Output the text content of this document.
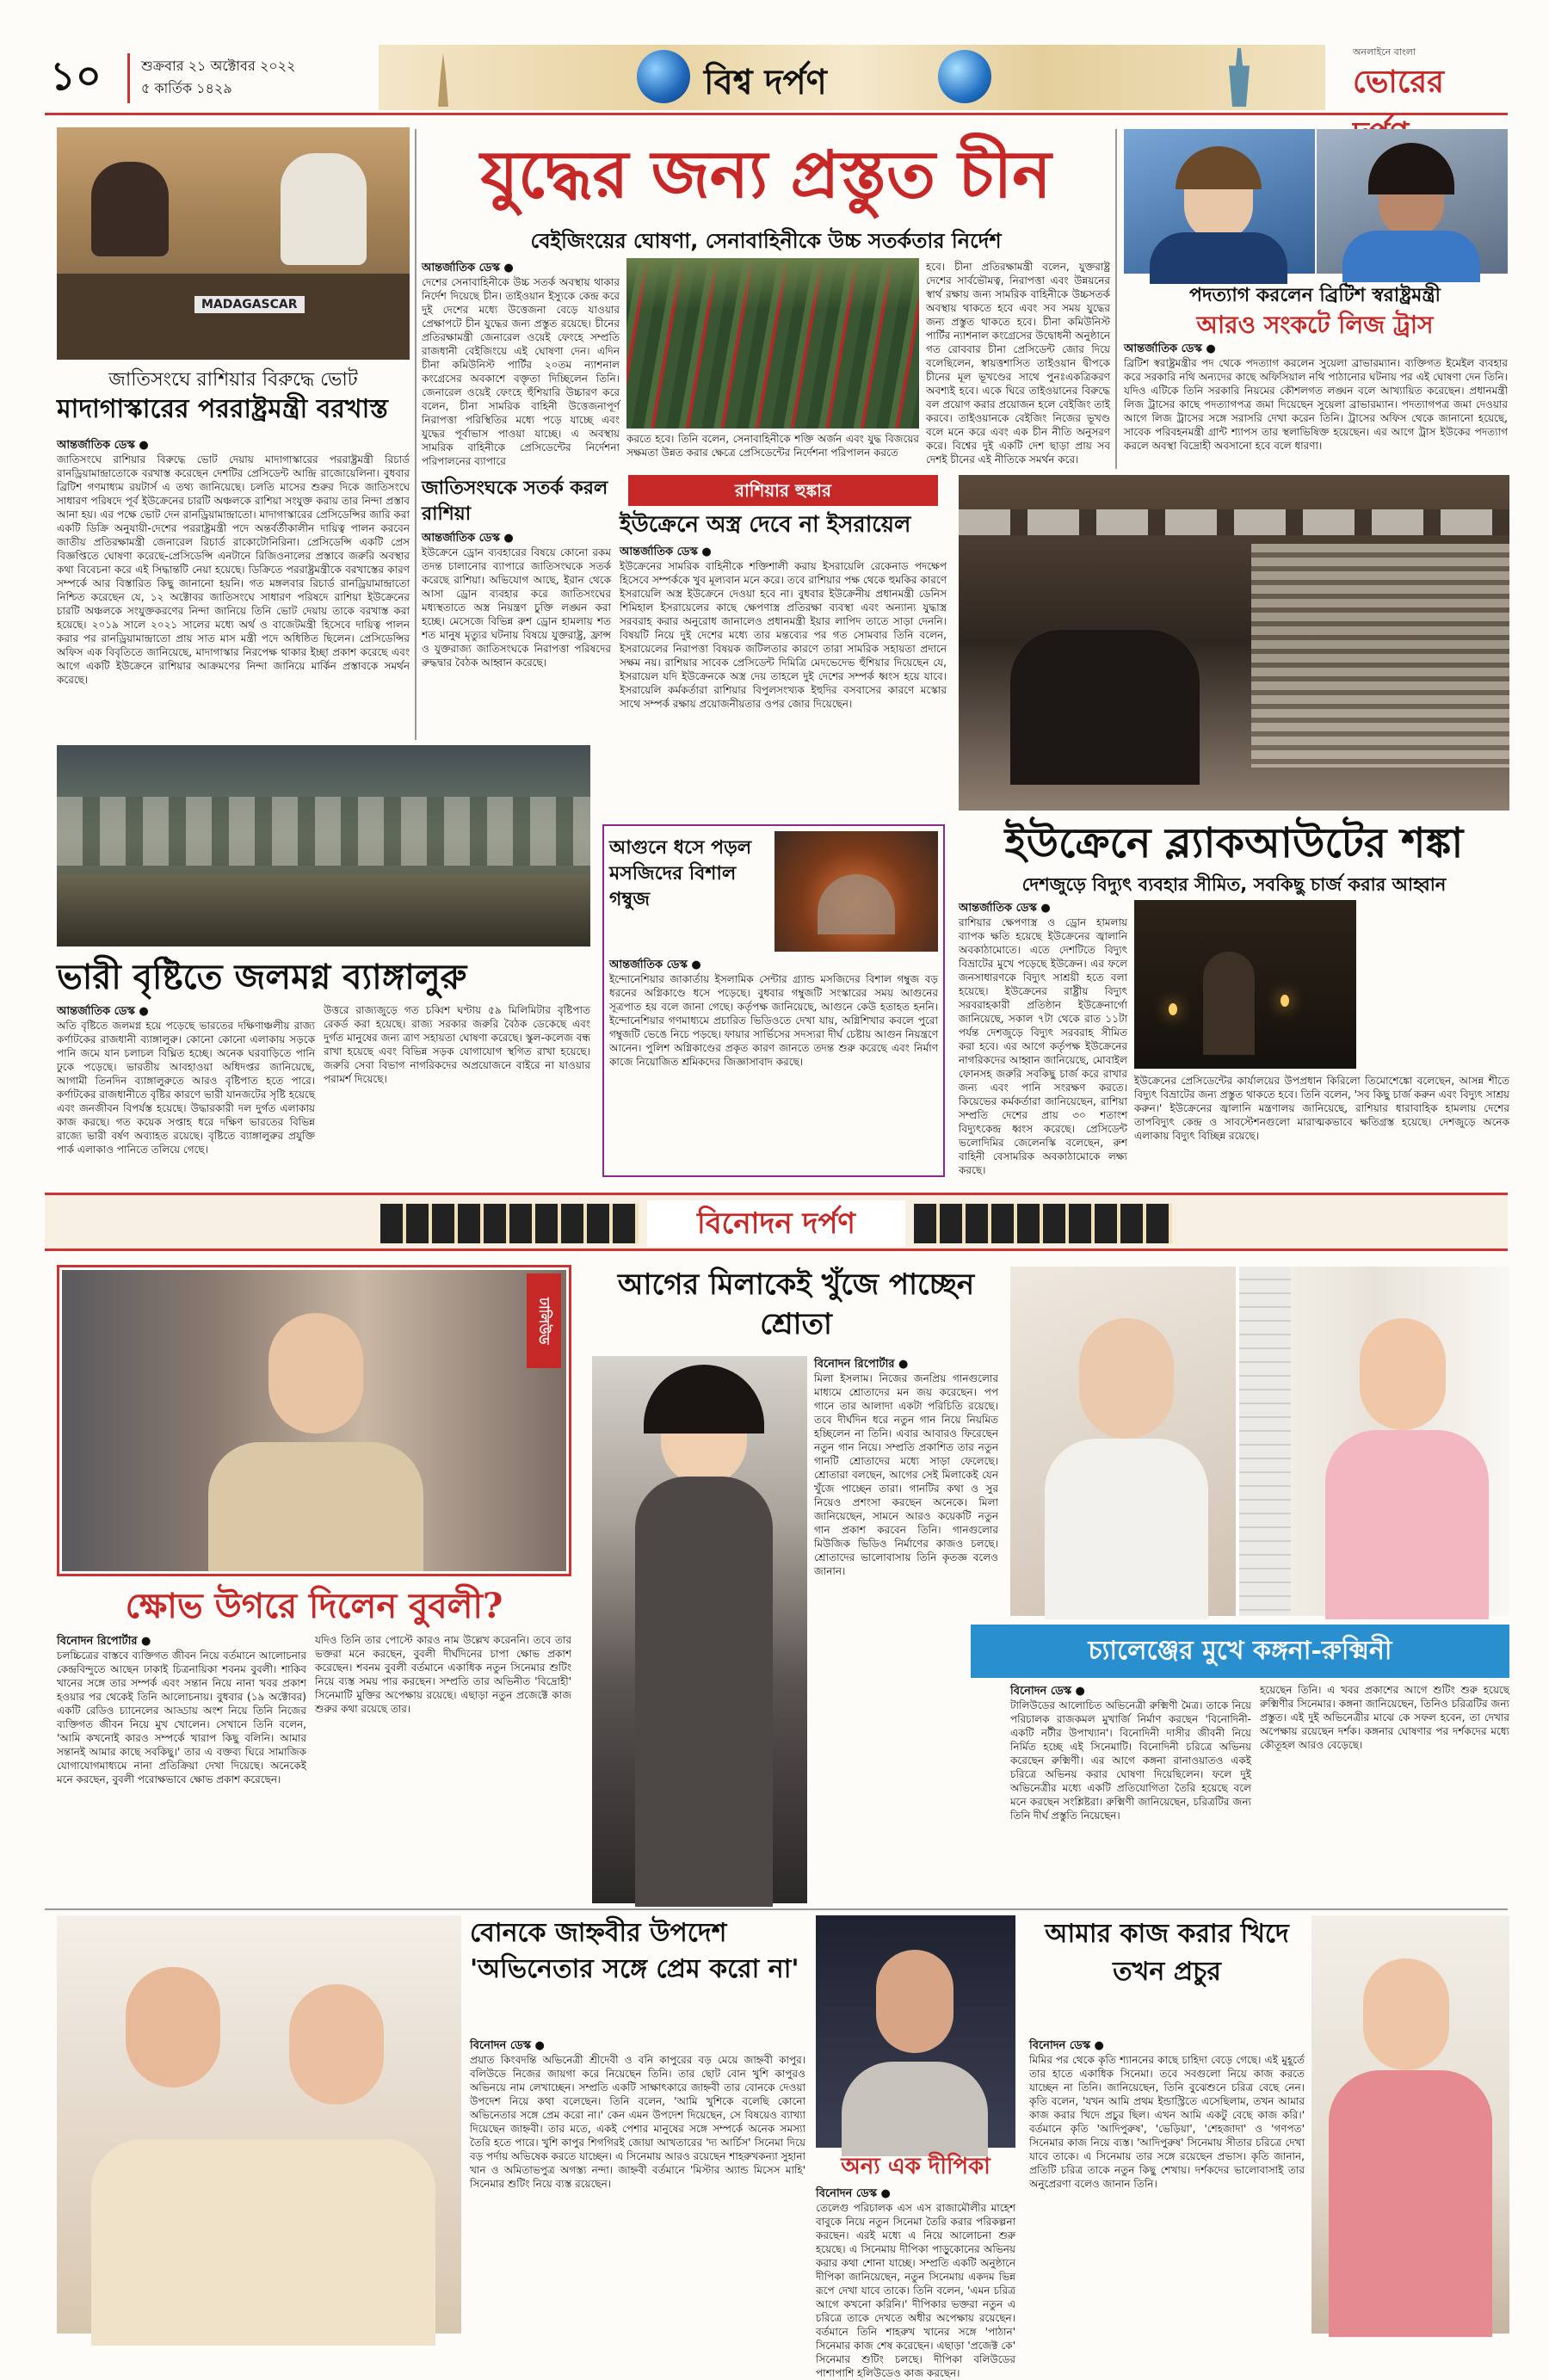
১০	শুক্রবার ২১ অক্টোবর ২০২২
৫ কার্তিক ১৪২৯	বিশ্ব দর্পণ
অনলাইনে বাংলা
ভোরের
MADAGASCAR
জাতিসংঘে রাশিয়ার বিরুদ্ধে ভোট
মাদাগাস্কারের পররাষ্ট্রমন্ত্রী বরখাস্ত
আন্তর্জাতিক ডেস্ক ●
জাতিসংঘে রাশিয়ার বিরুদ্ধে ভোট দেয়ায় মাদাগাস্কারের পররাষ্ট্রমন্ত্রী রিচার্ড রানড্রিয়ামান্দ্রাতোকে বরখাস্ত করেছেন দেশটির প্রেসিডেন্ট আন্দ্রি রাজোয়েলিনা। বুধবার ব্রিটিশ গণমাধ্যম রয়টার্স এ তথ্য জানিয়েছে। চলতি মাসের শুরুর দিকে জাতিসংঘে সাধারণ পরিষদে পূর্ব ইউক্রেনের চারটি অঞ্চলকে রাশিয়া সংযুক্ত করায় তার নিন্দা প্রস্তাব আনা হয়। এর পক্ষে ভোট দেন রানড্রিয়ামান্দ্রাতো। মাদাগাস্কারের প্রেসিডেন্সির জারি করা একটি ডিক্রি অনুযায়ী-দেশের পররাষ্ট্রমন্ত্রী পদে অন্তর্বর্তীকালীন দায়িত্ব পালন করবেন জাতীয় প্রতিরক্ষামন্ত্রী জেনারেল রিচার্ড রাকোটোনিরিনা। প্রেসিডেন্সি একটি প্রেস বিজ্ঞপ্তিতে ঘোষণা করেছে-প্রেসিডেন্সি এনটানে রিজিওনালের প্রস্তাবে জরুরি অবস্থার কথা বিবেচনা করে এই সিদ্ধান্তটি নেয়া হয়েছে। ডিক্রিতে পররাষ্ট্রমন্ত্রীকে বরখাস্তের কারণ সম্পর্কে আর বিস্তারিত কিছু জানানো হয়নি। গত মঙ্গলবার রিচার্ড রানড্রিয়ামান্দ্রাতো নিশ্চিত করেছেন যে, ১২ অক্টোবর জাতিসংঘে সাধারণ পরিষদে রাশিয়া ইউক্রেনের চারটি অঞ্চলকে সংযুক্তকরণের নিন্দা জানিয়ে তিনি ভোট দেয়ায় তাকে বরখাস্ত করা হয়েছে। ২০১৯ সালে ২০২১ সালের মধ্যে অর্থ ও বাজেটমন্ত্রী হিসেবে দায়িত্ব পালন করার পর রানড্রিয়ামান্দ্রাতো প্রায় সাত মাস মন্ত্রী পদে অধিষ্ঠিত ছিলেন। প্রেসিডেন্সির অফিস এক বিবৃতিতে জানিয়েছে, মাদাগাস্কার নিরপেক্ষ থাকার ইচ্ছা প্রকাশ করেছে এবং আগে একটি ইউক্রেনে রাশিয়ার আক্রমণের নিন্দা জানিয়ে মার্কিন প্রস্তাবকে সমর্থন করেছে।
যুদ্ধের জন্য প্রস্তুত চীন
বেইজিংয়ের ঘোষণা, সেনাবাহিনীকে উচ্চ সতর্কতার নির্দেশ
আন্তর্জাতিক ডেস্ক ●
দেশের সেনাবাহিনীকে উচ্চ সতর্ক অবস্থায় থাকার নির্দেশ দিয়েছে চীন। তাইওয়ান ইস্যুকে কেন্দ্র করে দুই দেশের মধ্যে উত্তেজনা বেড়ে যাওয়ার প্রেক্ষাপটে চীন যুদ্ধের জন্য প্রস্তুত রয়েছে। চীনের প্রতিরক্ষামন্ত্রী জেনারেল ওয়েই ফেংহে সম্প্রতি রাজধানী বেইজিংয়ে এই ঘোষণা দেন। এদিন চীনা কমিউনিস্ট পার্টির ২০তম ন্যাশনাল কংগ্রেসের অবকাশে বক্তৃতা দিচ্ছিলেন তিনি। জেনারেল ওয়েই ফেংহে হুঁশিয়ারি উচ্চারণ করে বলেন, চীনা সামরিক বাহিনী উত্তেজনাপূর্ণ নিরাপত্তা পরিস্থিতির মধ্যে পড়ে যাচ্ছে এবং যুদ্ধের পূর্বাভাস পাওয়া যাচ্ছে। এ অবস্থায় সামরিক বাহিনীকে প্রেসিডেন্টের নির্দেশনা পরিপালনের ব্যাপারে
করতে হবে। তিনি বলেন, সেনাবাহিনীকে শক্তি অর্জন এবং যুদ্ধ বিজয়ের সক্ষমতা উন্নত করার ক্ষেত্রে প্রেসিডেন্টের নির্দেশনা পরিপালন করতে
হবে। চীনা প্রতিরক্ষামন্ত্রী বলেন, যুক্তরাষ্ট্র দেশের সার্বভৌমত্ব, নিরাপত্তা এবং উন্নয়নের স্বার্থ রক্ষায় জন্য সামরিক বাহিনীকে উচ্চসতর্ক অবস্থায় থাকতে হবে এবং সব সময় যুদ্ধের জন্য প্রস্তুত থাকতে হবে। চীনা কমিউনিস্ট পার্টির ন্যাশনাল কংগ্রেসের উদ্বোধনী অনুষ্ঠানে গত রোববার চীনা প্রেসিডেন্ট জোর দিয়ে বলেছিলেন, স্বায়ত্তশাসিত তাইওয়ান দ্বীপকে চীনের মূল ভূখণ্ডের সাথে পুনঃএকত্রিকরণ অবশ্যই হবে। একে ঘিরে তাইওয়ানের বিরুদ্ধে বল প্রয়োগ করার প্রয়োজন হলে বেইজিং তাই করবে। তাইওয়ানকে বেইজিং নিজের ভূখণ্ড বলে মনে করে এবং এক চীন নীতি অনুসরণ করে। বিশ্বের দুই একটি দেশ ছাড়া প্রায় সব দেশই চীনের এই নীতিকে সমর্থন করে।
পদত্যাগ করলেন ব্রিটিশ স্বরাষ্ট্রমন্ত্রী
আরও সংকটে লিজ ট্রাস
আন্তর্জাতিক ডেস্ক ●
ব্রিটিশ স্বরাষ্ট্রমন্ত্রীর পদ থেকে পদত্যাগ করলেন সুয়েলা ব্রাভারম্যান। ব্যক্তিগত ইমেইল ব্যবহার করে সরকারি নথি অন্যদের কাছে অফিসিয়াল নথি পাঠানোর ঘটনায় পর এই ঘোষণা দেন তিনি। যদিও এটিকে তিনি সরকারি নিয়মের কৌশলগত লঙ্ঘন বলে আখ্যায়িত করেছেন। প্রধানমন্ত্রী লিজ ট্রাসের কাছে পদত্যাগপত্র জমা দিয়েছেন সুয়েলা ব্রাভারম্যান। পদত্যাগপত্র জমা দেওয়ার আগে লিজ ট্রাসের সঙ্গে সরাসরি দেখা করেন তিনি। ট্রাসের অফিস থেকে জানানো হয়েছে, সাবেক পরিবহনমন্ত্রী গ্রান্ট শ্যাপস তার স্থলাভিষিক্ত হয়েছেন। এর আগে ট্রাস ইউকের পদত্যাগ করলে অবস্থা বিদ্রোহী অবসানো হবে বলে ধারণা।
জাতিসংঘকে সতর্ক করল রাশিয়া
আন্তর্জাতিক ডেস্ক ●
ইউক্রেনে ড্রোন ব্যবহারের বিষয়ে কোনো রকম তদন্ত চালানোর ব্যাপারে জাতিসংঘকে সতর্ক করেছে রাশিয়া। অভিযোগ আছে, ইরান থেকে আসা ড্রোন ব্যবহার করে জাতিসংঘের মধ্যস্থতাতে অস্ত্র নিয়ন্ত্রণ চুক্তি লঙ্ঘন করা হচ্ছে। মেসেজে বিভিন্ন রুশ ড্রোন হামলায় শত শত মানুষ মৃত্যুর ঘটনায় বিষয়ে যুক্তরাষ্ট্র, ফ্রান্স ও যুক্তরাজ্য জাতিসংঘকে নিরাপত্তা পরিষদের রুদ্ধদ্বার বৈঠক আহ্বান করেছে।
রাশিয়ার হুঙ্কার
ইউক্রেনে অস্ত্র দেবে না ইসরায়েল
আন্তর্জাতিক ডেস্ক ●
ইউক্রেনের সামরিক বাহিনীকে শক্তিশালী করায় ইসরায়েলি রেকেনাড পদক্ষেপ হিসেবে সম্পর্ককে খুব মূল্যবান মনে করে। তবে রাশিয়ার পক্ষ থেকে হুমকির কারণে ইসরায়েলি অস্ত্র ইউক্রেনে দেওয়া হবে না। বুধবার ইউক্রেনীয় প্রধানমন্ত্রী ডেনিস শিমিহাল ইসরায়েলের কাছে ক্ষেপণাস্ত্র প্রতিরক্ষা ব্যবস্থা এবং অন্যান্য যুদ্ধাস্ত্র সরবরাহ করার অনুরোধ জানালেও প্রধানমন্ত্রী ইয়ার লাপিদ তাতে সাড়া দেননি। বিষয়টি নিয়ে দুই দেশের মধ্যে তার মন্তব্যের পর গত সোমবার তিনি বলেন, ইসরায়েলের নিরাপত্তা বিষয়ক জটিলতার কারণে তারা সামরিক সহায়তা প্রদানে সক্ষম নয়। রাশিয়ার সাবেক প্রেসিডেন্ট দিমিত্রি মেদভেদেভ হুঁশিয়ার দিয়েছেন যে, ইসরায়েল যদি ইউক্রেনকে অস্ত্র দেয় তাহলে দুই দেশের সম্পর্ক ধ্বংস হয়ে যাবে। ইসরায়েলি কর্মকর্তারা রাশিয়ার বিপুলসংখ্যক ইহুদির বসবাসের কারণে মস্কোর সাথে সম্পর্ক রক্ষায় প্রয়োজনীয়তার ওপর জোর দিয়েছেন।
আগুনে ধসে পড়ল মসজিদের বিশাল গম্বুজ
আন্তর্জাতিক ডেস্ক ●
ইন্দোনেশিয়ার জাকার্তায় ইসলামিক সেন্টার গ্র্যান্ড মসজিদের বিশাল গম্বুজ বড় ধরনের অগ্নিকাণ্ডে ধসে পড়েছে। বুধবার গম্বুজটি সংস্কারের সময় আগুনের সূত্রপাত হয় বলে জানা গেছে। কর্তৃপক্ষ জানিয়েছে, আগুনে কেউ হতাহত হননি। ইন্দোনেশিয়ার গণমাধ্যমে প্রচারিত ভিডিওতে দেখা যায়, অগ্নিশিখার কবলে পুরো গম্বুজটি ভেঙে নিচে পড়ছে। ফায়ার সার্ভিসের সদস্যরা দীর্ঘ চেষ্টায় আগুন নিয়ন্ত্রণে আনেন। পুলিশ অগ্নিকাণ্ডের প্রকৃত কারণ জানতে তদন্ত শুরু করেছে এবং নির্মাণ কাজে নিয়োজিত শ্রমিকদের জিজ্ঞাসাবাদ করছে।
ইউক্রেনে ব্ল্যাকআউটের শঙ্কা
দেশজুড়ে বিদ্যুৎ ব্যবহার সীমিত, সবকিছু চার্জ করার আহ্বান
আন্তর্জাতিক ডেস্ক ●
রাশিয়ার ক্ষেপণাস্ত্র ও ড্রোন হামলায় ব্যাপক ক্ষতি হয়েছে ইউক্রেনের জ্বালানি অবকাঠামোতে। এতে দেশটিতে বিদ্যুৎ বিভ্রাটের মুখে পড়েছে ইউক্রেন। এর ফলে জনসাধারণকে বিদ্যুৎ সাশ্রয়ী হতে বলা হয়েছে। ইউক্রেনের রাষ্ট্রীয় বিদ্যুৎ সরবরাহকারী প্রতিষ্ঠান ইউক্রেনার্গো জানিয়েছে, সকাল ৭টা থেকে রাত ১১টা পর্যন্ত দেশজুড়ে বিদ্যুৎ সরবরাহ সীমিত করা হবে। এর আগে কর্তৃপক্ষ ইউক্রেনের নাগরিকদের আহ্বান জানিয়েছে, মোবাইল ফোনসহ জরুরি সবকিছু চার্জ করে রাখার জন্য এবং পানি সংরক্ষণ করতে। কিয়েভের কর্মকর্তারা জানিয়েছেন, রাশিয়া সম্প্রতি দেশের প্রায় ৩০ শতাংশ বিদ্যুৎকেন্দ্র ধ্বংস করেছে। প্রেসিডেন্ট ভলোদিমির জেলেনস্কি বলেছেন, রুশ বাহিনী বেসামরিক অবকাঠামোকে লক্ষ্য করছে।
ইউক্রেনের প্রেসিডেন্টের কার্যালয়ের উপপ্রধান কিরিলো তিমোশেঙ্কো বলেছেন, আসন্ন শীতে বিদ্যুৎ বিভ্রাটের জন্য প্রস্তুত থাকতে হবে। তিনি বলেন, 'সব কিছু চার্জ করুন এবং বিদ্যুৎ সাশ্রয় করুন।' ইউক্রেনের জ্বালানি মন্ত্রণালয় জানিয়েছে, রাশিয়ার ধারাবাহিক হামলায় দেশের তাপবিদ্যুৎ কেন্দ্র ও সাবস্টেশনগুলো মারাত্মকভাবে ক্ষতিগ্রস্ত হয়েছে। দেশজুড়ে অনেক এলাকায় বিদ্যুৎ বিচ্ছিন্ন রয়েছে।
ভারী বৃষ্টিতে জলমগ্ন ব্যাঙ্গালুরু
আন্তর্জাতিক ডেস্ক ●
অতি বৃষ্টিতে জলমগ্ন হয়ে পড়েছে ভারতের দক্ষিণাঞ্চলীয় রাজ্য কর্ণাটকের রাজধানী ব্যাঙ্গালুরু। কোনো কোনো এলাকায় সড়কে পানি জমে যান চলাচল বিঘ্নিত হচ্ছে। অনেক ঘরবাড়িতে পানি ঢুকে পড়েছে। ভারতীয় আবহাওয়া অধিদপ্তর জানিয়েছে, আগামী তিনদিন ব্যাঙ্গালুরুতে আরও বৃষ্টিপাত হতে পারে। কর্ণাটকের রাজধানীতে বৃষ্টির কারণে ভারী যানজটের সৃষ্টি হয়েছে এবং জনজীবন বিপর্যস্ত হয়েছে। উদ্ধারকারী দল দুর্গত এলাকায় কাজ করছে। গত কয়েক সপ্তাহ ধরে দক্ষিণ ভারতের বিভিন্ন রাজ্যে ভারী বর্ষণ অব্যাহত রয়েছে। বৃষ্টিতে ব্যাঙ্গালুরুর প্রযুক্তি পার্ক এলাকাও পানিতে তলিয়ে গেছে।
উত্তরে রাজ্যজুড়ে গত চব্বিশ ঘণ্টায় ৫৯ মিলিমিটার বৃষ্টিপাত রেকর্ড করা হয়েছে। রাজ্য সরকার জরুরি বৈঠক ডেকেছে এবং দুর্গত মানুষের জন্য ত্রাণ সহায়তা ঘোষণা করেছে। স্কুল-কলেজ বন্ধ রাখা হয়েছে এবং বিভিন্ন সড়ক যোগাযোগ স্থগিত রাখা হয়েছে। জরুরি সেবা বিভাগ নাগরিকদের অপ্রয়োজনে বাইরে না যাওয়ার পরামর্শ দিয়েছে।
বিনোদন দর্পণ
ঢালিউড
ক্ষোভ উগরে দিলেন বুবলী?
বিনোদন রিপোর্টার ●
চলচ্চিত্রের বাস্তবে ব্যক্তিগত জীবন নিয়ে বর্তমানে আলোচনার কেন্দ্রবিন্দুতে আছেন ঢাকাই চিত্রনায়িকা শবনম বুবলী। শাকিব খানের সঙ্গে তার সম্পর্ক এবং সন্তান নিয়ে নানা খবর প্রকাশ হওয়ার পর থেকেই তিনি আলোচনায়। বুধবার (১৯ অক্টোবর) একটি রেডিও চ্যানেলের আড্ডায় অংশ নিয়ে তিনি নিজের ব্যক্তিগত জীবন নিয়ে মুখ খোলেন। সেখানে তিনি বলেন, 'আমি কখনোই কারও সম্পর্কে খারাপ কিছু বলিনি। আমার সন্তানই আমার কাছে সবকিছু।' তার এ বক্তব্য ঘিরে সামাজিক যোগাযোগমাধ্যমে নানা প্রতিক্রিয়া দেখা দিয়েছে। অনেকেই মনে করছেন, বুবলী পরোক্ষভাবে ক্ষোভ প্রকাশ করেছেন।
যদিও তিনি তার পোস্টে কারও নাম উল্লেখ করেননি। তবে তার ভক্তরা মনে করছেন, বুবলী দীর্ঘদিনের চাপা ক্ষোভ প্রকাশ করেছেন। শবনম বুবলী বর্তমানে একাধিক নতুন সিনেমার শুটিং নিয়ে ব্যস্ত সময় পার করছেন। সম্প্রতি তার অভিনীত 'বিদ্রোহী' সিনেমাটি মুক্তির অপেক্ষায় রয়েছে। এছাড়া নতুন প্রজেক্টে কাজ শুরুর কথা রয়েছে তার।
আগের মিলাকেই খুঁজে পাচ্ছেন শ্রোতা
বিনোদন রিপোর্টার ●
মিলা ইসলাম। নিজের জনপ্রিয় গানগুলোর মাধ্যমে শ্রোতাদের মন জয় করেছেন। পপ গানে তার আলাদা একটা পরিচিতি রয়েছে। তবে দীর্ঘদিন ধরে নতুন গান নিয়ে নিয়মিত হচ্ছিলেন না তিনি। এবার আবারও ফিরেছেন নতুন গান নিয়ে। সম্প্রতি প্রকাশিত তার নতুন গানটি শ্রোতাদের মধ্যে সাড়া ফেলেছে। শ্রোতারা বলছেন, আগের সেই মিলাকেই যেন খুঁজে পাচ্ছেন তারা। গানটির কথা ও সুর নিয়েও প্রশংসা করছেন অনেকে। মিলা জানিয়েছেন, সামনে আরও কয়েকটি নতুন গান প্রকাশ করবেন তিনি। গানগুলোর মিউজিক ভিডিও নির্মাণের কাজও চলছে। শ্রোতাদের ভালোবাসায় তিনি কৃতজ্ঞ বলেও জানান।
চ্যালেঞ্জের মুখে কঙ্গনা-রুক্মিনী
বিনোদন ডেস্ক ●
টালিউডের আলোচিত অভিনেত্রী রুক্মিণী মৈত্র। তাকে নিয়ে পরিচালক রাজকমল মুখার্জি নির্মাণ করছেন 'বিনোদিনী-একটি নটীর উপাখ্যান'। বিনোদিনী দাসীর জীবনী নিয়ে নির্মিত হচ্ছে এই সিনেমাটি। বিনোদিনী চরিত্রে অভিনয় করেছেন রুক্মিণী। এর আগে কঙ্গনা রানাওয়াতও একই চরিত্রে অভিনয় করার ঘোষণা দিয়েছিলেন। ফলে দুই অভিনেত্রীর মধ্যে একটি প্রতিযোগিতা তৈরি হয়েছে বলে মনে করছেন সংশ্লিষ্টরা। রুক্মিণী জানিয়েছেন, চরিত্রটির জন্য তিনি দীর্ঘ প্রস্তুতি নিয়েছেন।
হয়েছেন তিনি। এ খবর প্রকাশের আগে শুটিং শুরু হয়েছে রুক্মিণীর সিনেমার। কঙ্গনা জানিয়েছেন, তিনিও চরিত্রটির জন্য প্রস্তুত। এই দুই অভিনেত্রীর মাঝে কে সফল হবেন, তা দেখার অপেক্ষায় রয়েছেন দর্শক। কঙ্গনার ঘোষণার পর দর্শকদের মধ্যে কৌতূহল আরও বেড়েছে।
বোনকে জাহ্নবীর উপদেশ 'অভিনেতার সঙ্গে প্রেম করো না'
বিনোদন ডেস্ক ●
প্রয়াত কিংবদন্তি অভিনেত্রী শ্রীদেবী ও বনি কাপুরের বড় মেয়ে জাহ্নবী কাপুর। বলিউডে নিজের জায়গা করে নিয়েছেন তিনি। তার ছোট বোন খুশি কাপুরও অভিনয়ে নাম লেখাচ্ছেন। সম্প্রতি একটি সাক্ষাৎকারে জাহ্নবী তার বোনকে দেওয়া উপদেশ নিয়ে কথা বলেছেন। তিনি বলেন, 'আমি খুশিকে বলেছি কোনো অভিনেতার সঙ্গে প্রেম করো না।' কেন এমন উপদেশ দিয়েছেন, সে বিষয়েও ব্যাখ্যা দিয়েছেন জাহ্নবী। তার মতে, একই পেশার মানুষের সঙ্গে সম্পর্কে অনেক সমস্যা তৈরি হতে পারে। খুশি কাপুর শিগগিরই জোয়া আখতারের 'দ্য আর্চিস' সিনেমা দিয়ে বড় পর্দায় অভিষেক করতে যাচ্ছেন। এ সিনেমায় আরও রয়েছেন শাহরুখকন্যা সুহানা খান ও অমিতাভপুত্র অগস্ত্য নন্দা। জাহ্নবী বর্তমানে 'মিস্টার অ্যান্ড মিসেস মাহি' সিনেমার শুটিং নিয়ে ব্যস্ত রয়েছেন।
অন্য এক দীপিকা
বিনোদন ডেস্ক ●
তেলেগু পরিচালক এস এস রাজামৌলীর মাহেশ বাবুকে নিয়ে নতুন সিনেমা তৈরি করার পরিকল্পনা করছেন। এরই মধ্যে এ নিয়ে আলোচনা শুরু হয়েছে। এ সিনেমায় দীপিকা পাড়ুকোনের অভিনয় করার কথা শোনা যাচ্ছে। সম্প্রতি একটি অনুষ্ঠানে দীপিকা জানিয়েছেন, নতুন সিনেমায় একদম ভিন্ন রূপে দেখা যাবে তাকে। তিনি বলেন, 'এমন চরিত্র আগে কখনো করিনি।' দীপিকার ভক্তরা নতুন এ চরিত্রে তাকে দেখতে অধীর অপেক্ষায় রয়েছেন। বর্তমানে তিনি শাহরুখ খানের সঙ্গে 'পাঠান' সিনেমার কাজ শেষ করেছেন। এছাড়া 'প্রজেক্ট কে' সিনেমার শুটিং চলছে। দীপিকা বলিউডের পাশাপাশি হলিউডেও কাজ করছেন।
আমার কাজ করার খিদে তখন প্রচুর
বিনোদন ডেস্ক ●
মিমির পর থেকে কৃতি শ্যাননের কাছে চাহিদা বেড়ে গেছে। এই মুহূর্তে তার হাতে একাধিক সিনেমা। তবে সবগুলো নিয়ে কাজ করতে যাচ্ছেন না তিনি। জানিয়েছেন, তিনি বুঝেশুনে চরিত্র বেছে নেন। কৃতি বলেন, 'যখন আমি প্রথম ইন্ডাস্ট্রিতে এসেছিলাম, তখন আমার কাজ করার খিদে প্রচুর ছিল। এখন আমি একটু বেছে কাজ করি।' বর্তমানে কৃতি 'আদিপুরুষ', 'ভেড়িয়া', 'শেহজাদা' ও 'গণপত' সিনেমার কাজ নিয়ে ব্যস্ত। 'আদিপুরুষ' সিনেমায় সীতার চরিত্রে দেখা যাবে তাকে। এ সিনেমায় তার সঙ্গে রয়েছেন প্রভাস। কৃতি জানান, প্রতিটি চরিত্র তাকে নতুন কিছু শেখায়। দর্শকদের ভালোবাসাই তার অনুপ্রেরণা বলেও জানান তিনি।
